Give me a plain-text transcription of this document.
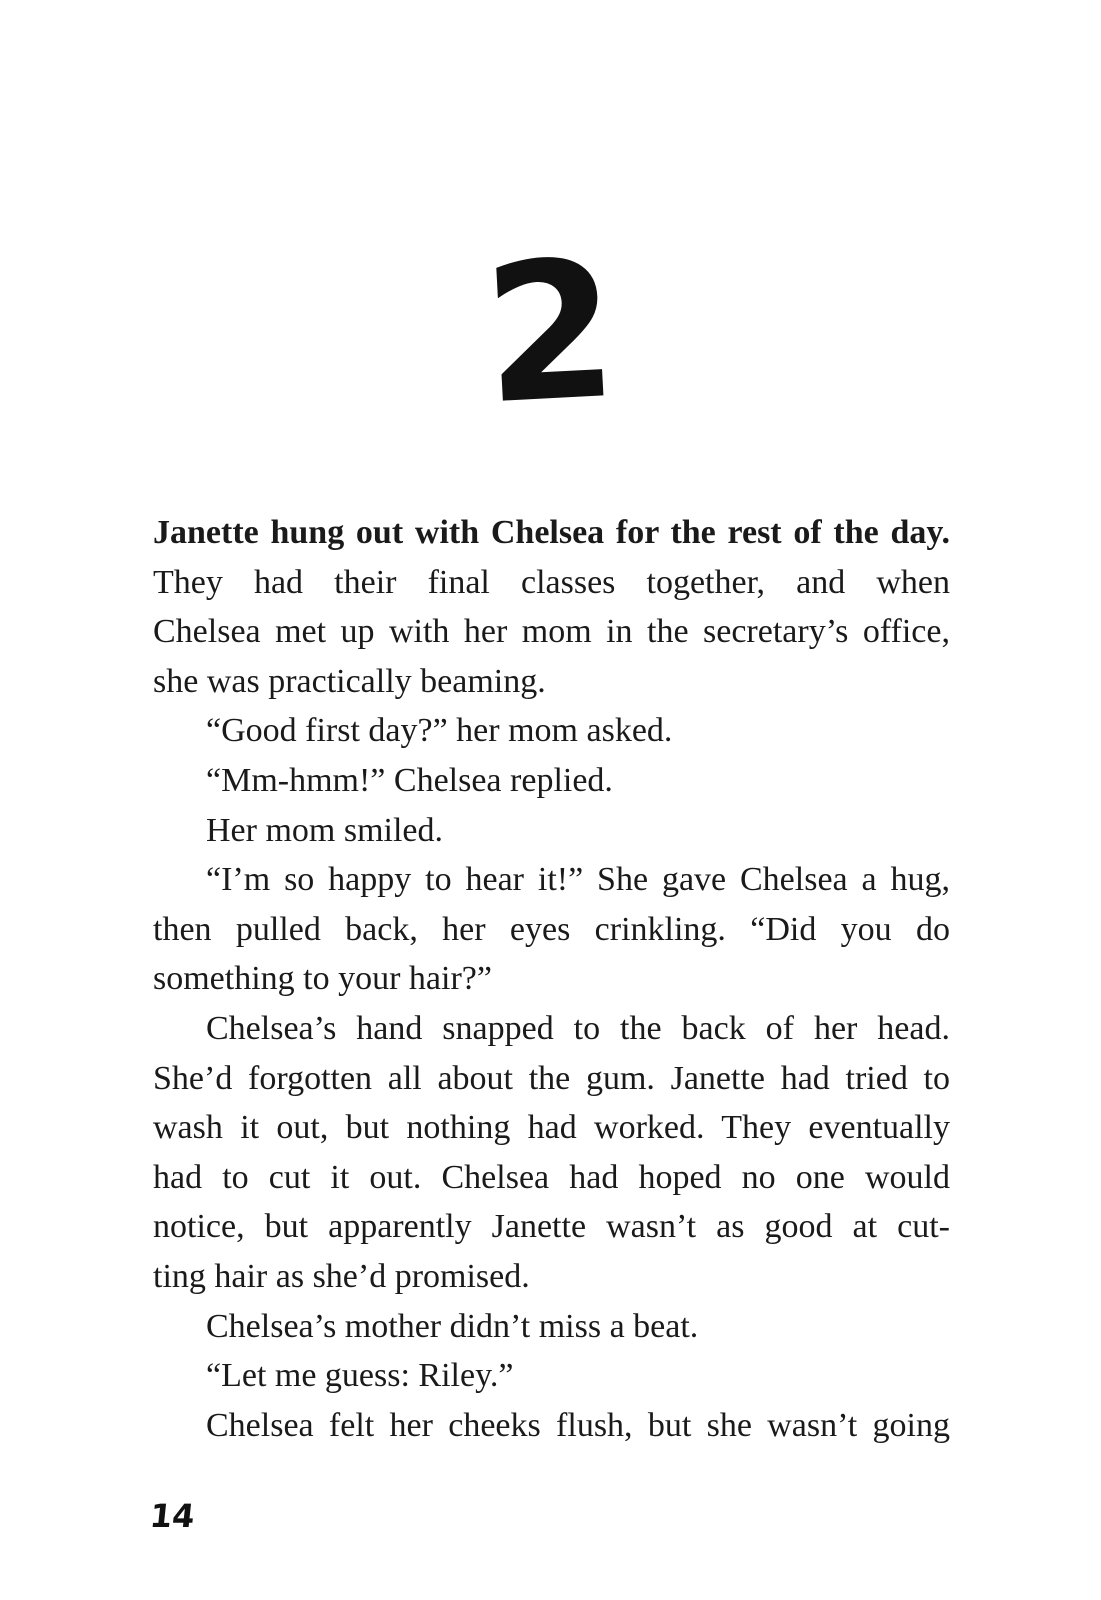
2
Janette hung out with Chelsea for the rest of the day.
They had their final classes together, and when
Chelsea met up with her mom in the secretary’s office,
she was practically beaming.
“Good first day?” her mom asked.
“Mm-hmm!” Chelsea replied.
Her mom smiled.
“I’m so happy to hear it!” She gave Chelsea a hug,
then pulled back, her eyes crinkling. “Did you do
something to your hair?”
Chelsea’s hand snapped to the back of her head.
She’d forgotten all about the gum. Janette had tried to
wash it out, but nothing had worked. They eventually
had to cut it out. Chelsea had hoped no one would
notice, but apparently Janette wasn’t as good at cut-
ting hair as she’d promised.
Chelsea’s mother didn’t miss a beat.
“Let me guess: Riley.”
Chelsea felt her cheeks flush, but she wasn’t going
14
